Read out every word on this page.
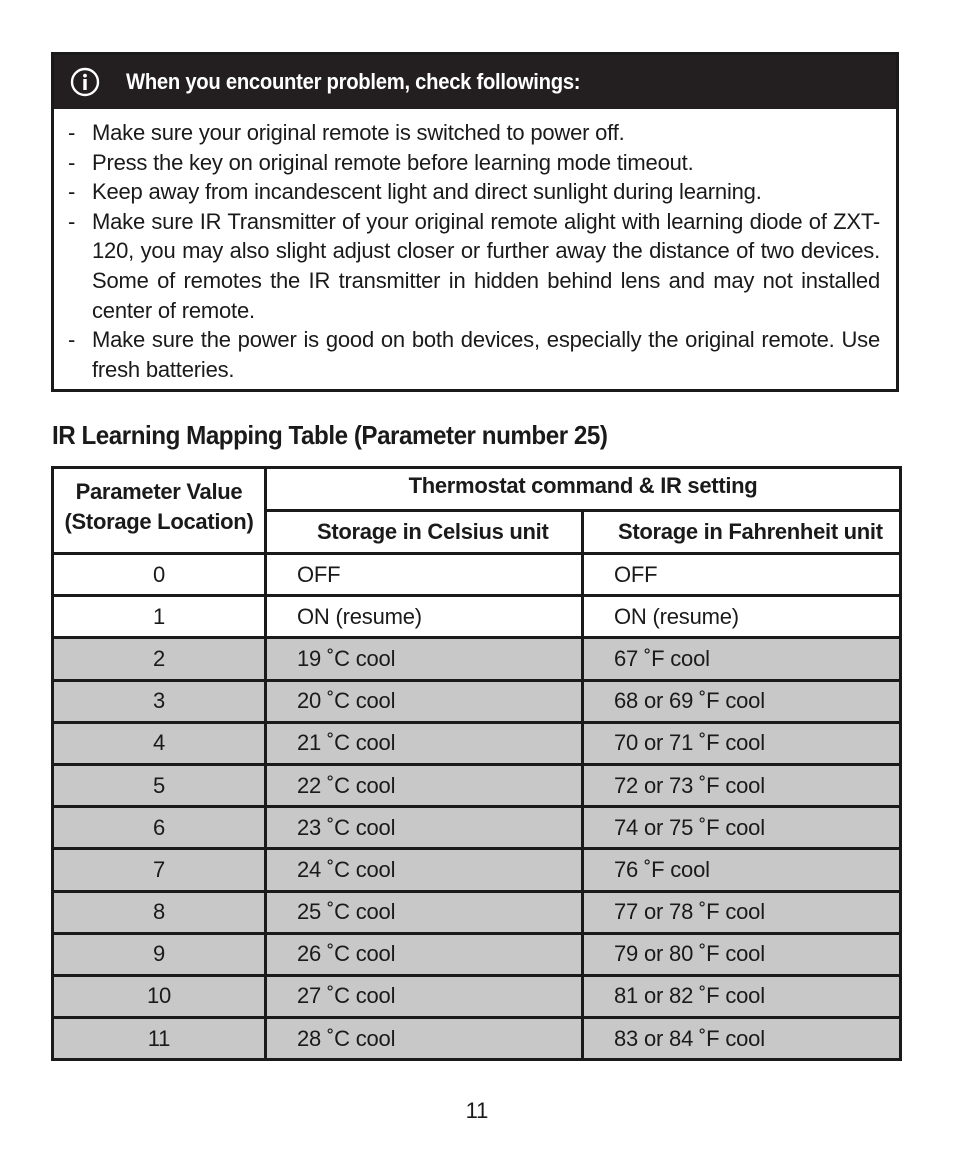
When you encounter problem, check followings:
- Make sure your original remote is switched to power off.
- Press the key on original remote before learning mode timeout.
- Keep away from incandescent light and direct sunlight during learning.
- Make sure IR Transmitter of your original remote alight with learning diode of ZXT-120, you may also slight adjust closer or further away the distance of two devices. Some of remotes the IR transmitter in hidden behind lens and may not installed center of remote.
- Make sure the power is good on both devices, especially the original remote. Use fresh batteries.
IR Learning Mapping Table (Parameter number 25)
Parameter Value
(Storage Location)	Thermostat command & IR setting	
	Storage in Celsius unit	Storage in Fahrenheit unit
0	OFF	OFF
1	ON (resume)	ON (resume)
2	19 ˚C cool	67 ˚F cool
3	20 ˚C cool	68 or 69 ˚F cool
4	21 ˚C cool	70 or 71 ˚F cool
5	22 ˚C cool	72 or 73 ˚F cool
6	23 ˚C cool	74 or 75 ˚F cool
7	24 ˚C cool	76 ˚F cool
8	25 ˚C cool	77 or 78 ˚F cool
9	26 ˚C cool	79 or 80 ˚F cool
10	27 ˚C cool	81 or 82 ˚F cool
11	28 ˚C cool	83 or 84 ˚F cool
11
